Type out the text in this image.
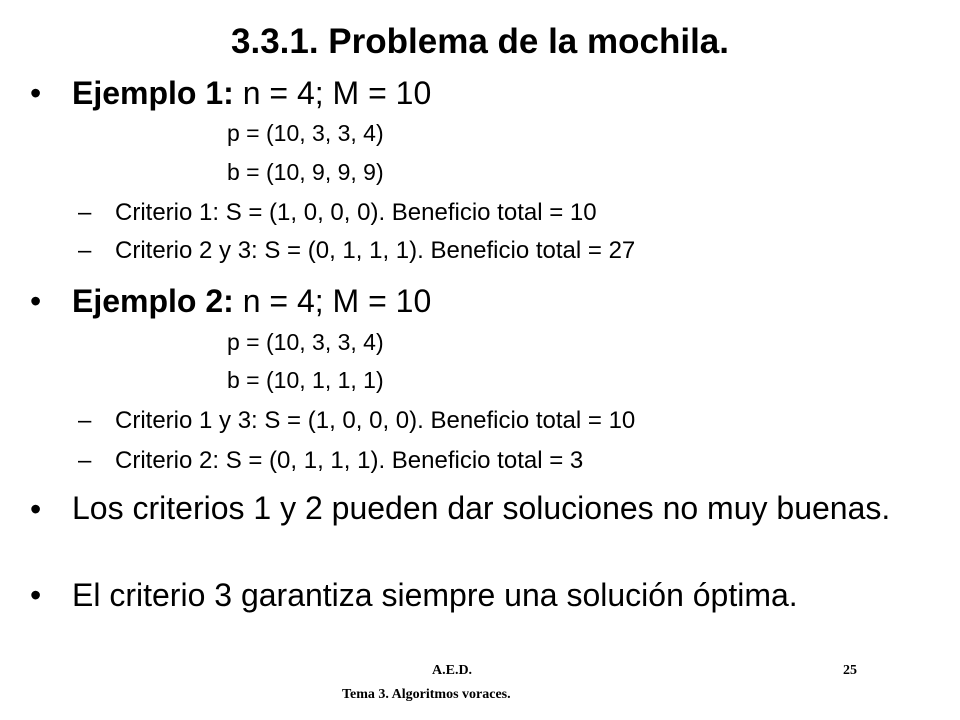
3.3.1. Problema de la mochila.
• Ejemplo 1: n = 4; M = 10
p = (10, 3, 3, 4)
b = (10, 9, 9, 9)
– Criterio 1: S = (1, 0, 0, 0). Beneficio total = 10
– Criterio 2 y 3: S = (0, 1, 1, 1). Beneficio total = 27
• Ejemplo 2: n = 4; M = 10
p = (10, 3, 3, 4)
b = (10, 1, 1, 1)
– Criterio 1 y 3: S = (1, 0, 0, 0). Beneficio total = 10
– Criterio 2: S = (0, 1, 1, 1). Beneficio total = 3
• Los criterios 1 y 2 pueden dar soluciones no muy buenas.
• El criterio 3 garantiza siempre una solución óptima.
A.E.D.
Tema 3. Algoritmos voraces.
25
